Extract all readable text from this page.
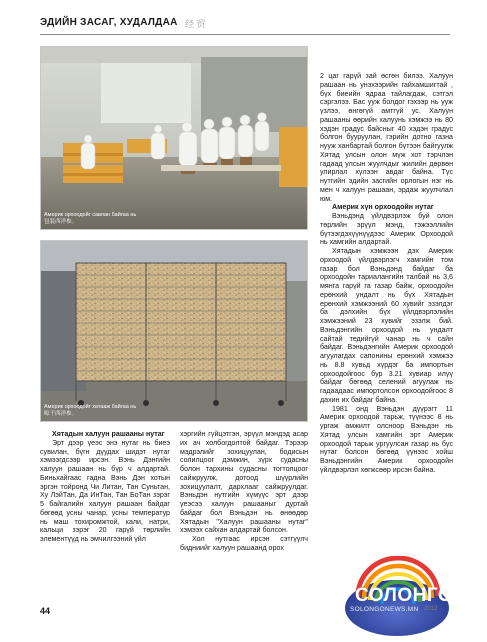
ЭДИЙН ЗАСАГ, ХУДАЛДАА 经 贸
Америк орхоодойг савлан байгаа нь
包装西洋参。
Америк орхоодойг хатааж байгаа нь
晾干西洋参。

2 цаг гарүй зай өсгөн билээ. Халуун рашаан нь унэхээрийн гайхамшигтай , бүх биеийн ядраа тайлагдаж, сэтгэл сэргэлээ. Бас ууж болдог гэхээр нь ууж үзлээ, өнгөгүй амтгүй ус. Халуун рашааны өөрийн халуунь хэмжээ нь 80 хэдэн градус байсныг 40 хэдэн градус болгон бууруулан, гэрийн дотно газна нууж ханбартай болгон бүтээн байгуулж Хятад улсын олон мүж хот тэрчлэн гадаад улсын жуулчдыг жилийн дөрвөн улирлал хүлээн авдаг байна. Түс нутгийн эдийн засгийн орлогын нэг нь мен ч халуун рашаан, эрдаж жуулчлал юм.

Америк хүн орхоодойн нутаг

Вэньдэнд үйлдвэрлэж буй олон төрлийн эрүүл мэнд, тэжээллийн бүтээгдэхүүнүүдээс Америк Орхоодой нь хамгийн алдартай.

Хятадын хэмжээн дэх Америк орхоодой үйлдвэрлэгч хамгийн том газар бол Вэньдэнд байдаг ба орхоодойн тариалангийн талбай нь 3,6 мянга гарүй га газар байж, орхоодойн ерөнхий ундалт нь бүх Хятадын ерөнхий хэмжээний 60 хувийг эзэлдэг ба дэлхийн бүх үйлдвэрлэлийн хэмжээний 23 хувийг эзэлж бий. Вэньдэнгийн орхоодой нь ундалт сайтай тедийгүй чанар нь ч сайн байдаг. Вэньдэнгийн Америк орхоодой агуулагдах сапонины ерөнхий хэмжээ нь 8.8 хувьд хүрдэг ба импортын орхоодойгоос бур 3.21 хувиар илүү байдаг бөгөөд селений агуулаж нь гадаадаас импортолсон орхоодойгоос 8 дахин их байдаг байна.

1981 онд Вэньдэн дүүрэгт 11 Америк орхоодой тарьж, түүнээс 8 нь ургаж амжилт олсноор Вэньдэн нь Хятад улсын хамгийн эрт Америк орхоодой тарьж ургуулсан газар нь бүс нутаг болсон бөгөөд үүнээс хойш Вэньдэнгийн Америк орхоодойн үйлдвэрлэл хөгжсөөр ирсэн байна.

Хятадын халуун рашааны нутаг

Эрт дээр үеэс энэ нутаг нь биеэ сувилан, бүгн дүудах шидэт нутаг хэмээгдсээр ирсэн. Вэнь Дэнгийн халуун рашаан нь бүр ч алдартай. Биньхайгаас гадна Вэнь Дэн хотын эргэн тойронд Чи Литан, Тан Суньтан, Ху ЛэйТан, Да ИнТан, Тан БоТан зэрэг 5 байгалийн халуун рашаан байдаг бөгөөд усны чанар, усны температур нь маш тохиромжтой, кали, натри, кальци зэрэг 20 гарүй төрлийн элементүүд нь эмчилгээний үйл

хэргийн гүйцэтгэн, эрүүл мэндэд асар их ач холбогдолтой байдаг. Тэрээр мэдрэлийг зохицуулан, бодисын солилцоог дэмжин, зүрх судасны болон тархины судасны тогтолцоог сайжруулж, дотоод шүүрлийн зохицуулалт, дархлааг сайжруулдаг. Вэньдэн нутгийн хүмүүс эрт дээр үеэсээ халуун рашааныг дуртай байдаг бол Вэньдэн нь өнөөдөр Хятадын "Халуун рашааны нутаг" хэмээх сайхан алдартай болсон.

Хол нутгаас ирсэн сэтгүүлч бидниийг халуун рашаанд орох

44
СОЛОНГО
SOLONGONEWS.MN 2012
